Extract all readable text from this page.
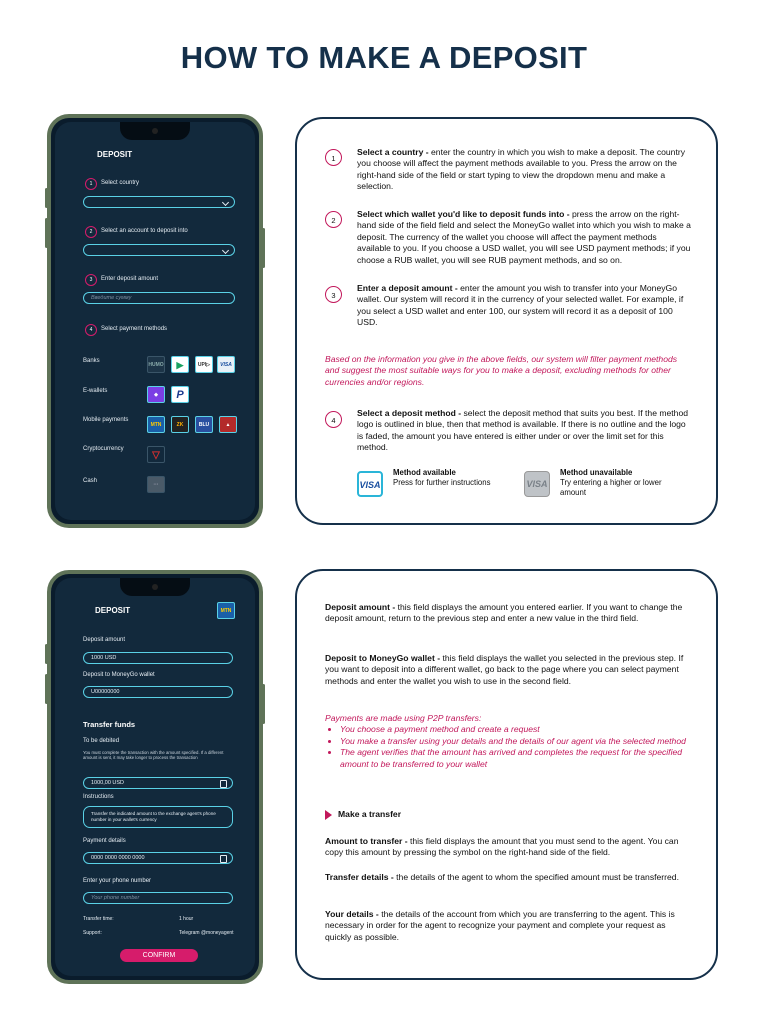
HOW TO MAKE A DEPOSIT
DEPOSIT
1	Select country
2	Select an account to deposit into
3	Enter deposit amount
Введите сумму
4	Select payment methods
Banks
HUMO	▶	UPI▷	VISA
E-wallets
◆	P
Mobile payments
MTN	ZK	BLU	▲
Cryptocurrency
▽
Cash
···
1
Select a country - enter the country in which you wish to make a deposit. The country you choose will affect the payment methods available to you. Press the arrow on the right-hand side of the field or start typing to view the dropdown menu and make a selection.
2
Select which wallet you'd like to deposit funds into - press the arrow on the right-hand side of the field field and select the MoneyGo wallet into which you wish to make a deposit. The currency of the wallet you choose will affect the payment methods available to you. If you choose a USD wallet, you will see USD payment methods; if you choose a RUB wallet, you will see RUB payment methods, and so on.
3
Enter a deposit amount - enter the amount you wish to transfer into your MoneyGo wallet. Our system will record it in the currency of your selected wallet. For example, if you select a USD wallet and enter 100, our system will record it as a deposit of 100 USD.
Based on the information you give in the above fields, our system will filter payment methods and suggest the most suitable ways for you to make a deposit, excluding methods for other currencies and/or regions.
4
Select a deposit method - select the deposit method that suits you best. If the method logo is outlined in blue, then that method is available. If there is no outline and the logo is faded, the amount you have entered is either under or over the limit set for this method.
VISA
Method available
Press for further instructions	VISA
Method unavailable
Try entering a higher or lower amount
DEPOSIT	MTN
Deposit amount
1000 USD
Deposit to MoneyGo wallet
U00000000
Transfer funds
To be debited
You must complete the transaction with the amount specified. If a different amount is sent, it may take longer to process the transaction
1000,00 USD
Instructions
Transfer the indicated amount to the exchange agent's phone number in your wallet's currency
Payment details
0000 0000 0000 0000
Enter your phone number
Your phone number
Transfer time:	1 hour
Support:	Telegram @moneyagent
CONFIRM
Deposit amount - this field displays the amount you entered earlier. If you want to change the deposit amount, return to the previous step and enter a new value in the third field.
Deposit to MoneyGo wallet - this field displays the wallet you selected in the previous step. If you want to deposit into a different wallet, go back to the page where you can select payment methods and enter the wallet you wish to use in the second field.
Payments are made using P2P transfers:
• You choose a payment method and create a request
• You make a transfer using your details and the details of our agent via the selected method
• The agent verifies that the amount has arrived and completes the request for the specified amount to be transferred to your wallet
Make a transfer
Amount to transfer - this field displays the amount that you must send to the agent. You can copy this amount by pressing the symbol on the right-hand side of the field.
Transfer details - the details of the agent to whom the specified amount must be transferred.
Your details - the details of the account from which you are transferring to the agent. This is necessary in order for the agent to recognize your payment and complete your request as quickly as possible.
